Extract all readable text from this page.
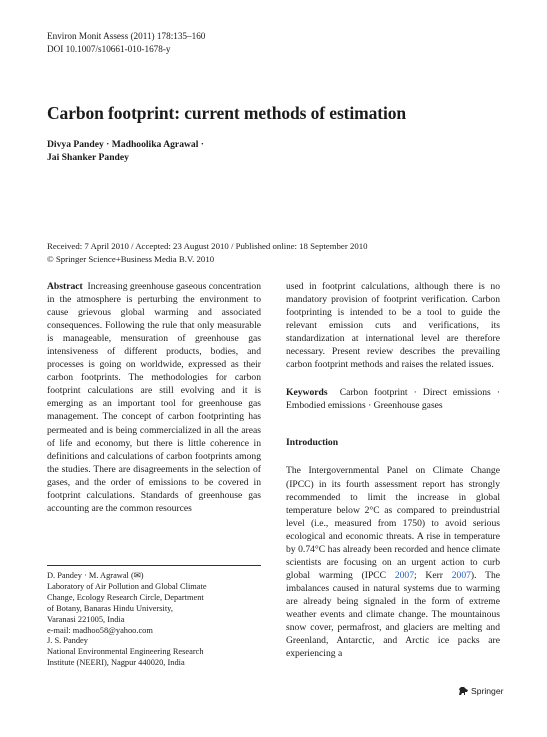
Environ Monit Assess (2011) 178:135–160
DOI 10.1007/s10661-010-1678-y
Carbon footprint: current methods of estimation
Divya Pandey · Madhoolika Agrawal ·
Jai Shanker Pandey
Received: 7 April 2010 / Accepted: 23 August 2010 / Published online: 18 September 2010
© Springer Science+Business Media B.V. 2010

Abstract Increasing greenhouse gaseous concentration in the atmosphere is perturbing the environment to cause grievous global warming and associated consequences. Following the rule that only measurable is manageable, mensuration of greenhouse gas intensiveness of different products, bodies, and processes is going on worldwide, expressed as their carbon footprints. The methodologies for carbon footprint calculations are still evolving and it is emerging as an important tool for greenhouse gas management. The concept of carbon footprinting has permeated and is being commercialized in all the areas of life and economy, but there is little coherence in definitions and calculations of carbon footprints among the studies. There are disagreements in the selection of gases, and the order of emissions to be covered in footprint calculations. Standards of greenhouse gas accounting are the common resources

D. Pandey · M. Agrawal (✉)
Laboratory of Air Pollution and Global Climate
Change, Ecology Research Circle, Department
of Botany, Banaras Hindu University,
Varanasi 221005, India
e-mail: madhoo58@yahoo.com
J. S. Pandey
National Environmental Engineering Research
Institute (NEERI), Nagpur 440020, India

used in footprint calculations, although there is no mandatory provision of footprint verification. Carbon footprinting is intended to be a tool to guide the relevant emission cuts and verifications, its standardization at international level are therefore necessary. Present review describes the prevailing carbon footprint methods and raises the related issues.

Keywords Carbon footprint · Direct emissions · Embodied emissions · Greenhouse gases

Introduction

The Intergovernmental Panel on Climate Change (IPCC) in its fourth assessment report has strongly recommended to limit the increase in global temperature below 2°C as compared to preindustrial level (i.e., measured from 1750) to avoid serious ecological and economic threats. A rise in temperature by 0.74°C has already been recorded and hence climate scientists are focusing on an urgent action to curb global warming (IPCC 2007; Kerr 2007). The imbalances caused in natural systems due to warming are already being signaled in the form of extreme weather events and climate change. The mountainous snow cover, permafrost, and glaciers are melting and Greenland, Antarctic, and Arctic ice packs are experiencing a

Springer
